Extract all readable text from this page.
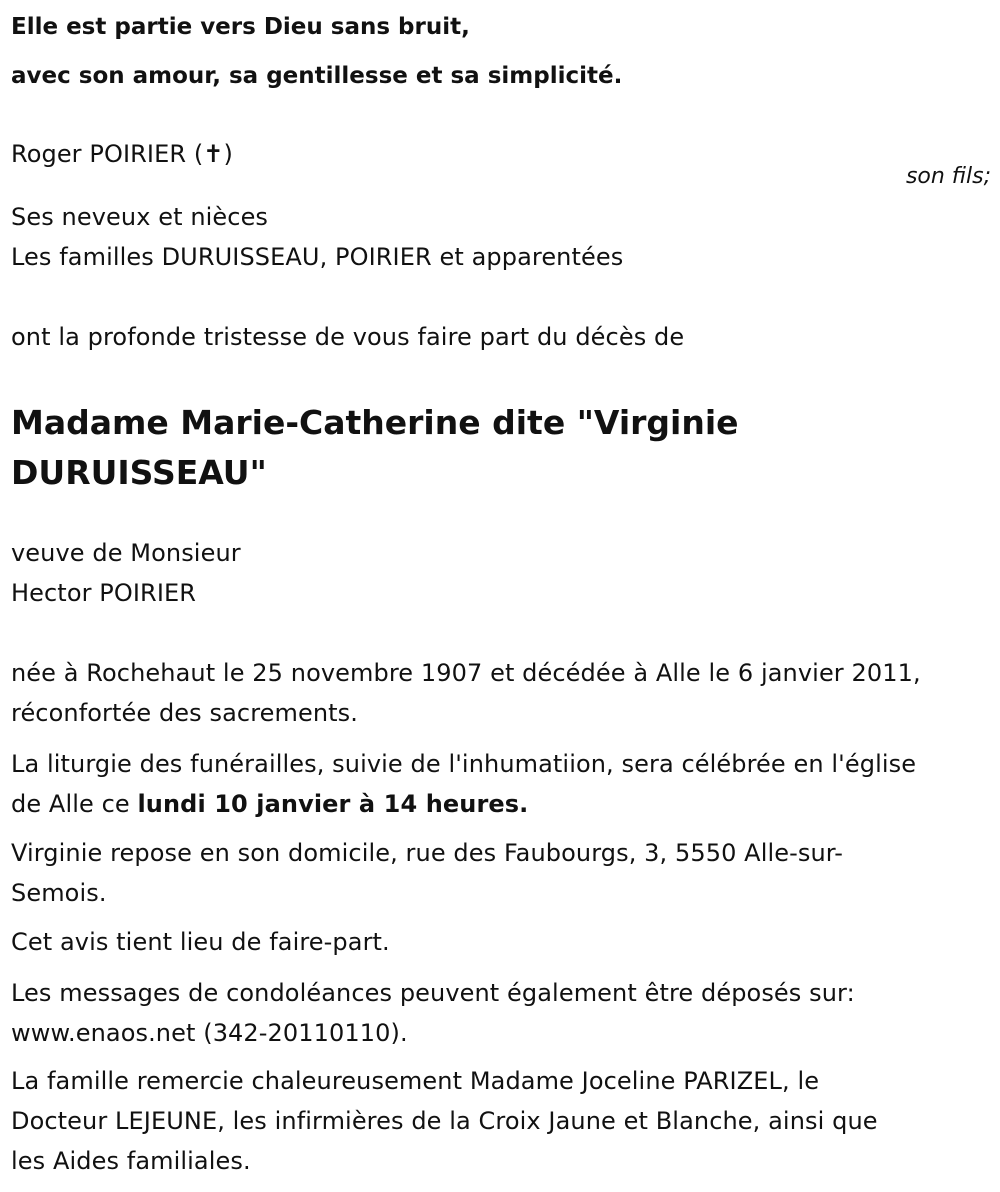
Elle est partie vers Dieu sans bruit,
avec son amour, sa gentillesse et sa simplicité.
Roger POIRIER (✝)
son fils;
Ses neveux et nièces
Les familles DURUISSEAU, POIRIER et apparentées
ont la profonde tristesse de vous faire part du décès de
Madame Marie-Catherine dite "Virginie
DURUISSEAU"
veuve de Monsieur
Hector POIRIER
née à Rochehaut le 25 novembre 1907 et décédée à Alle le 6 janvier 2011,
réconfortée des sacrements.
La liturgie des funérailles, suivie de l'inhumatiion, sera célébrée en l'église
de Alle ce lundi 10 janvier à 14 heures.
Virginie repose en son domicile, rue des Faubourgs, 3, 5550 Alle-sur-
Semois.
Cet avis tient lieu de faire-part.
Les messages de condoléances peuvent également être déposés sur:
www.enaos.net (342-20110110).
La famille remercie chaleureusement Madame Joceline PARIZEL, le
Docteur LEJEUNE, les infirmières de la Croix Jaune et Blanche, ainsi que
les Aides familiales.
